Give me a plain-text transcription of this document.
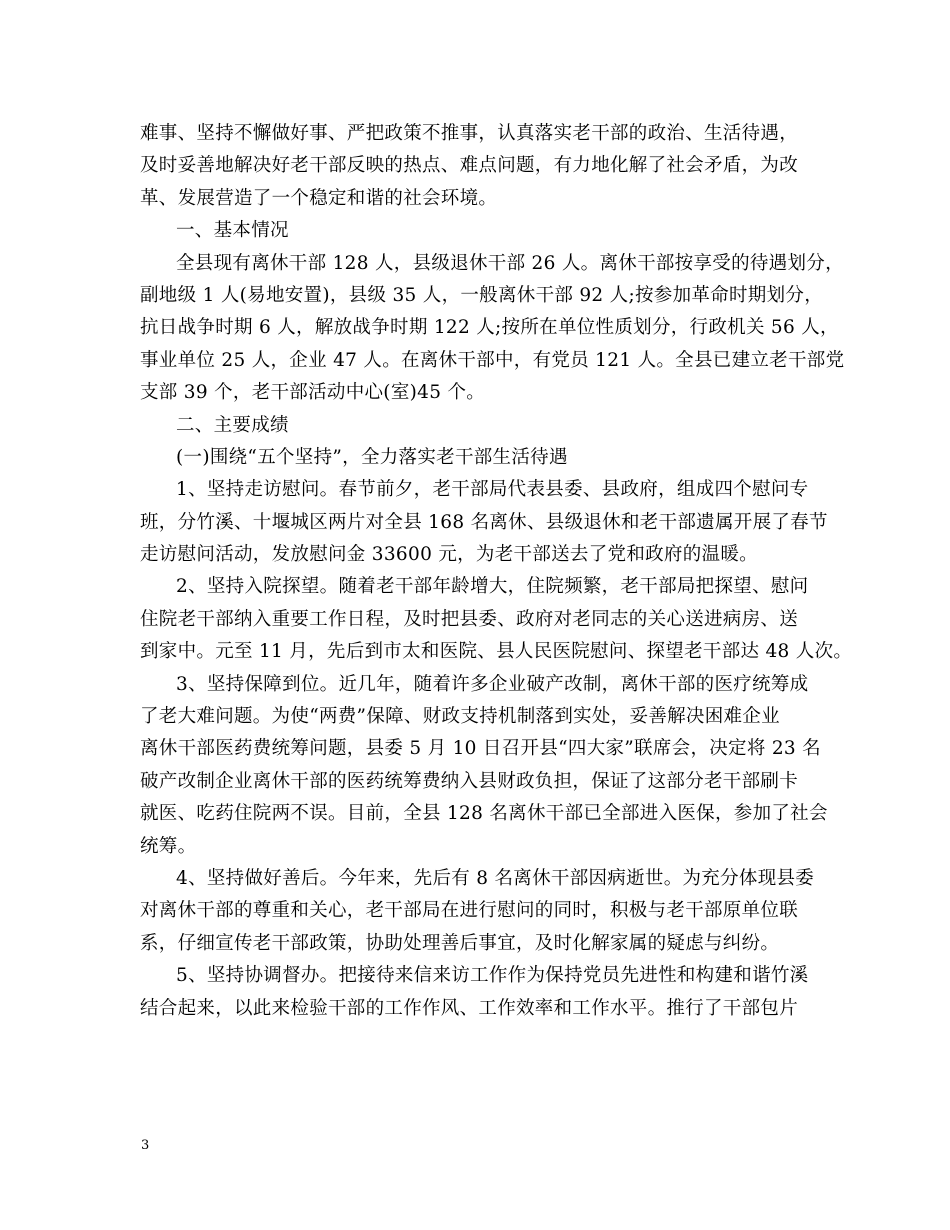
难事、坚持不懈做好事、严把政策不推事，认真落实老干部的政治、生活待遇，
及时妥善地解决好老干部反映的热点、难点问题，有力地化解了社会矛盾，为改
革、发展营造了一个稳定和谐的社会环境。
一、基本情况
全县现有离休干部 128 人，县级退休干部 26 人。离休干部按享受的待遇划分，
副地级 1 人(易地安置)，县级 35 人，一般离休干部 92 人;按参加革命时期划分，
抗日战争时期 6 人，解放战争时期 122 人;按所在单位性质划分，行政机关 56 人，
事业单位 25 人，企业 47 人。在离休干部中，有党员 121 人。全县已建立老干部党
支部 39 个，老干部活动中心(室)45 个。
二、主要成绩
(一)围绕“五个坚持”，全力落实老干部生活待遇
1、坚持走访慰问。春节前夕，老干部局代表县委、县政府，组成四个慰问专
班，分竹溪、十堰城区两片对全县 168 名离休、县级退休和老干部遗属开展了春节
走访慰问活动，发放慰问金 33600 元，为老干部送去了党和政府的温暖。
2、坚持入院探望。随着老干部年龄增大，住院频繁，老干部局把探望、慰问
住院老干部纳入重要工作日程，及时把县委、政府对老同志的关心送进病房、送
到家中。元至 11 月，先后到市太和医院、县人民医院慰问、探望老干部达 48 人次。
3、坚持保障到位。近几年，随着许多企业破产改制，离休干部的医疗统筹成
了老大难问题。为使“两费”保障、财政支持机制落到实处，妥善解决困难企业
离休干部医药费统筹问题，县委 5 月 10 日召开县“四大家”联席会，决定将 23 名
破产改制企业离休干部的医药统筹费纳入县财政负担，保证了这部分老干部刷卡
就医、吃药住院两不误。目前，全县 128 名离休干部已全部进入医保，参加了社会
统筹。
4、坚持做好善后。今年来，先后有 8 名离休干部因病逝世。为充分体现县委
对离休干部的尊重和关心，老干部局在进行慰问的同时，积极与老干部原单位联
系，仔细宣传老干部政策，协助处理善后事宜，及时化解家属的疑虑与纠纷。
5、坚持协调督办。把接待来信来访工作作为保持党员先进性和构建和谐竹溪
结合起来，以此来检验干部的工作作风、工作效率和工作水平。推行了干部包片
3
